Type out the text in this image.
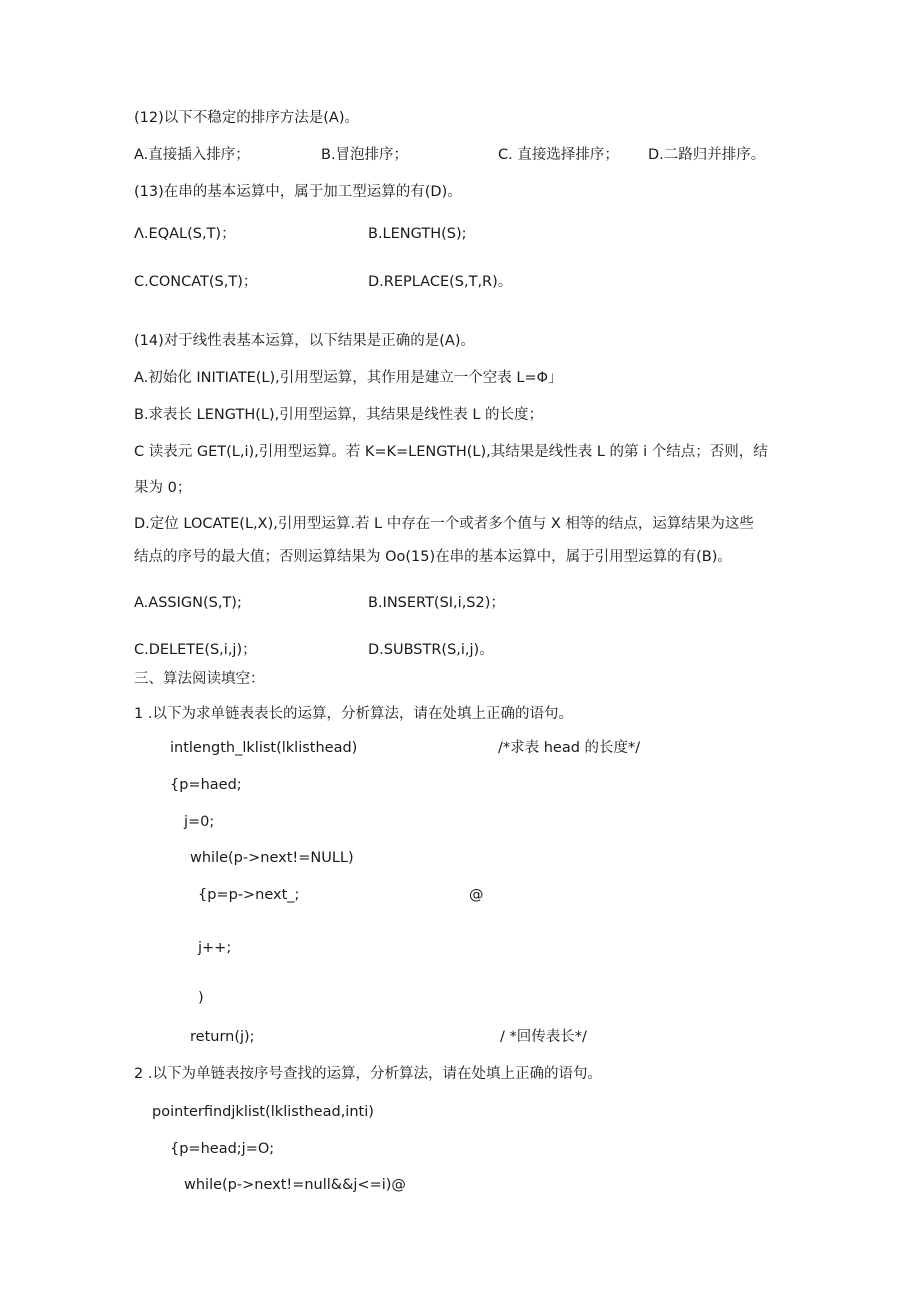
(12)以下不稳定的排序方法是(A)。
A.直接插入排序；	B.冒泡排序；	C. 直接选择排序； D.二路归并排序。
(13)在串的基本运算中，属于加工型运算的有(D)。
Λ.EQAL(S,T)；	B.LENGTH(S);
C.CONCAT(S,T)；	D.REPLACE(S,T,R)。
(14)对于线性表基本运算，以下结果是正确的是(A)。
A.初始化 INITIATE(L),引用型运算，其作用是建立一个空表 L=Φ」
B.求表长 LENGTH(L),引用型运算，其结果是线性表 L 的长度；
C 读表元 GET(L,i),引用型运算。若 K=K=LENGTH(L),其结果是线性表 L 的第 i 个结点；否则，结
果为 0；
D.定位 LOCATE(L,X),引用型运算.若 L 中存在一个或者多个值与 X 相等的结点，运算结果为这些
结点的序号的最大值；否则运算结果为 Oo(15)在串的基本运算中，属于引用型运算的有(B)。
A.ASSIGN(S,T);	B.INSERT(SI,i,S2)；
C.DELETE(S,i,j)；	D.SUBSTR(S,i,j)。
三、算法阅读填空：
1 .以下为求单链表表长的运算，分析算法，请在处填上正确的语句。
intlength_lklist(lklisthead)	/*求表 head 的长度*/
{p=haed;
j=0;
while(p->next!=NULL)
{p=p->next_;	@
j++;
)
return(j);	/ *回传表长*/
2 .以下为单链表按序号查找的运算，分析算法，请在处填上正确的语句。
pointerfindjklist(lklisthead,inti)
{p=head;j=O;
while(p->next!=null&&j<=i)@
